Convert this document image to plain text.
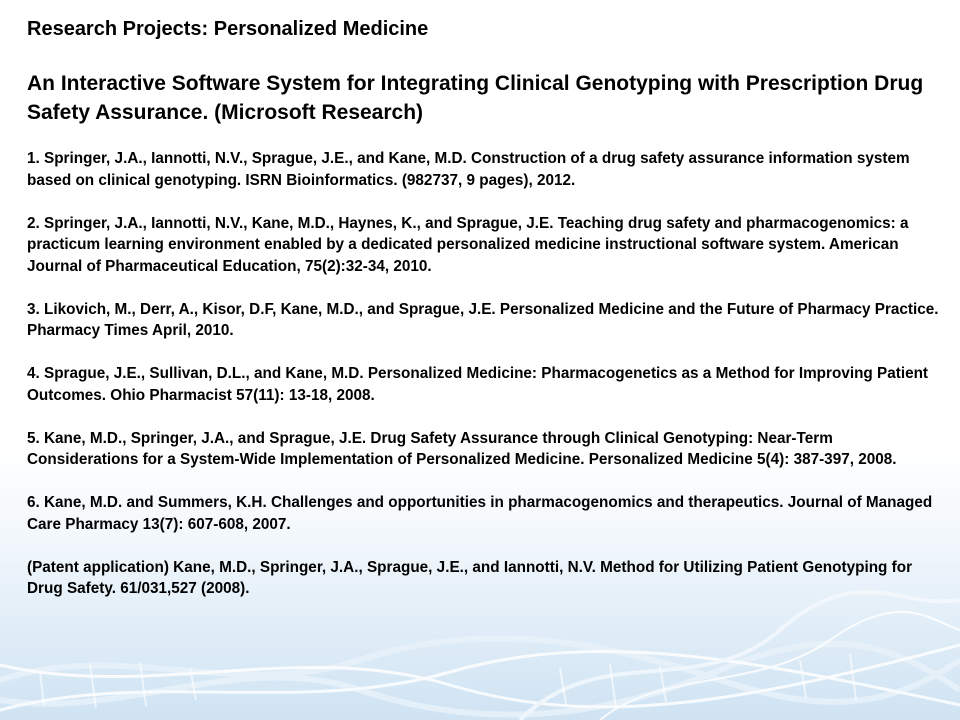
Research Projects: Personalized Medicine
An Interactive Software System for Integrating Clinical Genotyping with Prescription Drug Safety Assurance. (Microsoft Research)
1. Springer, J.A., Iannotti, N.V., Sprague, J.E., and Kane, M.D. Construction of a drug safety assurance information system based on clinical genotyping. ISRN Bioinformatics. (982737, 9 pages), 2012.
2. Springer, J.A., Iannotti, N.V., Kane, M.D., Haynes, K., and Sprague, J.E. Teaching drug safety and pharmacogenomics: a practicum learning environment enabled by a dedicated personalized medicine instructional software system. American Journal of Pharmaceutical Education, 75(2):32-34, 2010.
3. Likovich, M., Derr, A., Kisor, D.F, Kane, M.D., and Sprague, J.E. Personalized Medicine and the Future of Pharmacy Practice. Pharmacy Times April, 2010.
4. Sprague, J.E., Sullivan, D.L., and Kane, M.D. Personalized Medicine: Pharmacogenetics as a Method for Improving Patient Outcomes. Ohio Pharmacist 57(11): 13-18, 2008.
5. Kane, M.D., Springer, J.A., and Sprague, J.E. Drug Safety Assurance through Clinical Genotyping: Near-Term Considerations for a System-Wide Implementation of Personalized Medicine. Personalized Medicine 5(4): 387-397, 2008.
6. Kane, M.D. and Summers, K.H. Challenges and opportunities in pharmacogenomics and therapeutics. Journal of Managed Care Pharmacy 13(7): 607-608, 2007.
(Patent application) Kane, M.D., Springer, J.A., Sprague, J.E., and Iannotti, N.V. Method for Utilizing Patient Genotyping for Drug Safety. 61/031,527 (2008).
